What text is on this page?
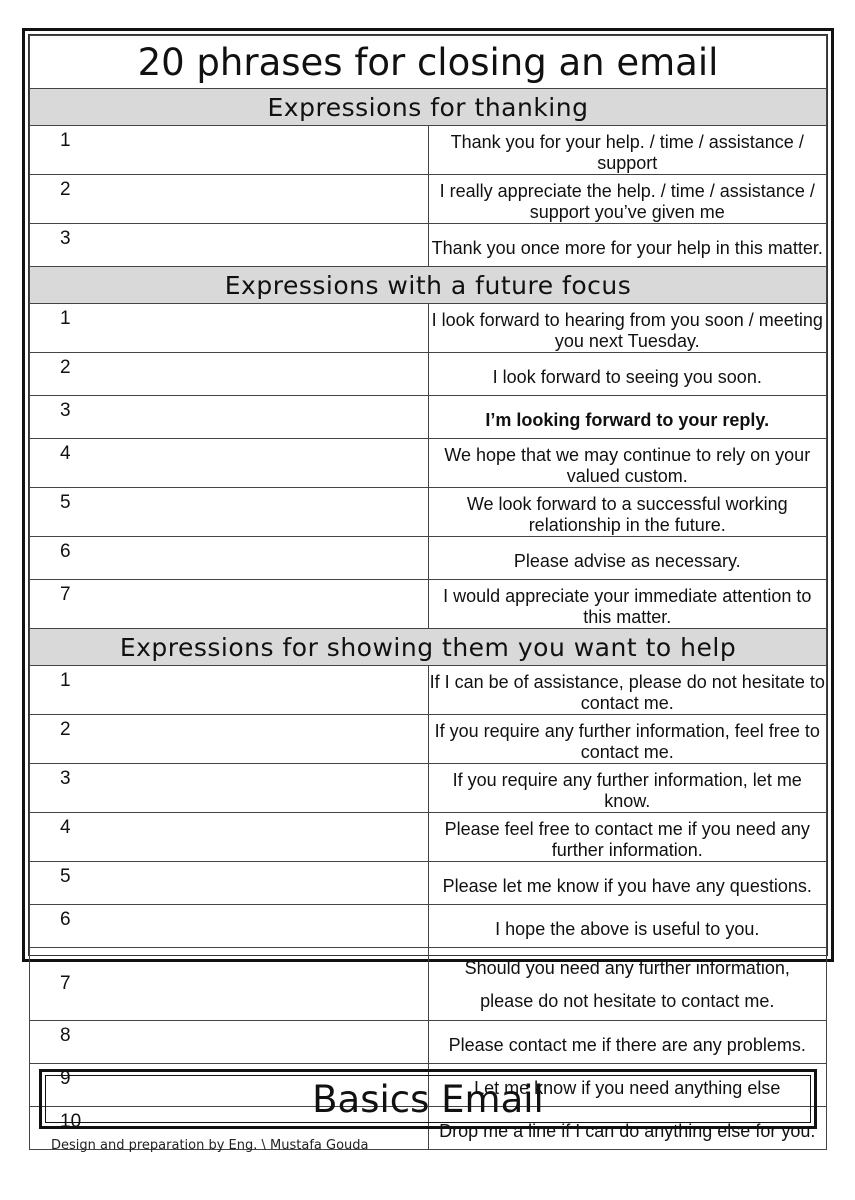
20 phrases for closing an email	
Expressions for thanking	
1	Thank you for your help. / time / assistance / support
2	I really appreciate the help. / time / assistance / support you’ve given me
3	Thank you once more for your help in this matter.
Expressions with a future focus	
1	I look forward to hearing from you soon / meeting you next Tuesday.
2	I look forward to seeing you soon.
3	I’m looking forward to your reply.
4	We hope that we may continue to rely on your valued custom.
5	We look forward to a successful working relationship in the future.
6	Please advise as necessary.
7	I would appreciate your immediate attention to this matter.
Expressions for showing them you want to help	
1	If I can be of assistance, please do not hesitate to contact me.
2	If you require any further information, feel free to contact me.
3	If you require any further information, let me know.
4	Please feel free to contact me if you need any further information.
5	Please let me know if you have any questions.
6	I hope the above is useful to you.
7	Should you need any further information, please do not hesitate to contact me.
8	Please contact me if there are any problems.
9	Let me know if you need anything else
10	Drop me a line if I can do anything else for you.
Basics Email
Design and preparation by Eng. \ Mustafa Gouda
